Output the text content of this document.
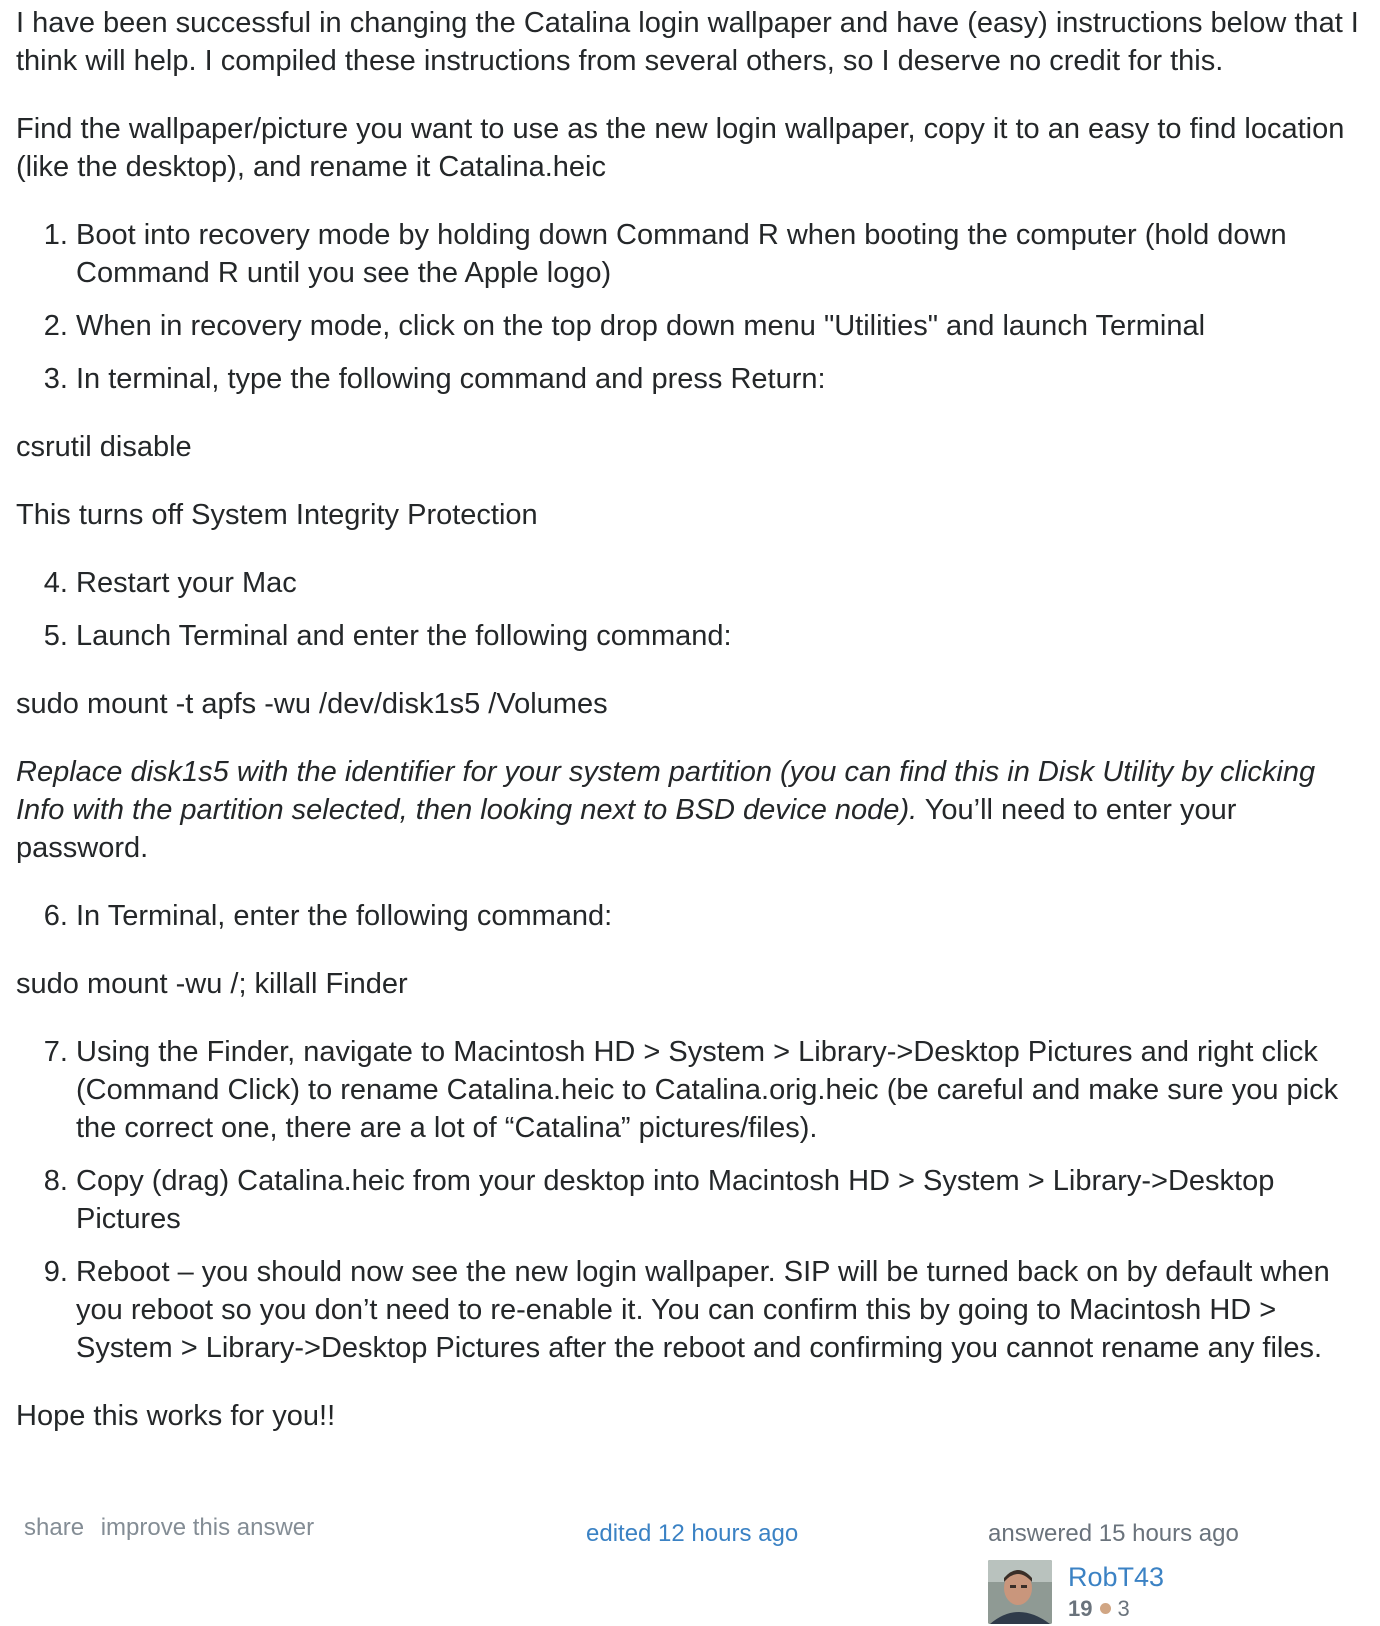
I have been successful in changing the Catalina login wallpaper and have (easy) instructions below that I think will help. I compiled these instructions from several others, so I deserve no credit for this.

Find the wallpaper/picture you want to use as the new login wallpaper, copy it to an easy to find location (like the desktop), and rename it Catalina.heic

1. Boot into recovery mode by holding down Command R when booting the computer (hold down Command R until you see the Apple logo)
2. When in recovery mode, click on the top drop down menu "Utilities" and launch Terminal
3. In terminal, type the following command and press Return:

csrutil disable

This turns off System Integrity Protection

4. Restart your Mac
5. Launch Terminal and enter the following command:

sudo mount -t apfs -wu /dev/disk1s5 /Volumes

Replace disk1s5 with the identifier for your system partition (you can find this in Disk Utility by clicking Info with the partition selected, then looking next to BSD device node). You’ll need to enter your password.

6. In Terminal, enter the following command:

sudo mount -wu /; killall Finder

7. Using the Finder, navigate to Macintosh HD > System > Library->Desktop Pictures and right click (Command Click) to rename Catalina.heic to Catalina.orig.heic (be careful and make sure you pick the correct one, there are a lot of “Catalina” pictures/files).
8. Copy (drag) Catalina.heic from your desktop into Macintosh HD > System > Library->Desktop Pictures
9. Reboot – you should now see the new login wallpaper. SIP will be turned back on by default when you reboot so you don’t need to re-enable it. You can confirm this by going to Macintosh HD > System > Library->Desktop Pictures after the reboot and confirming you cannot rename any files.

Hope this works for you!!

share improve this answer	edited 12 hours ago	answered 15 hours ago
RobT43
19 3
